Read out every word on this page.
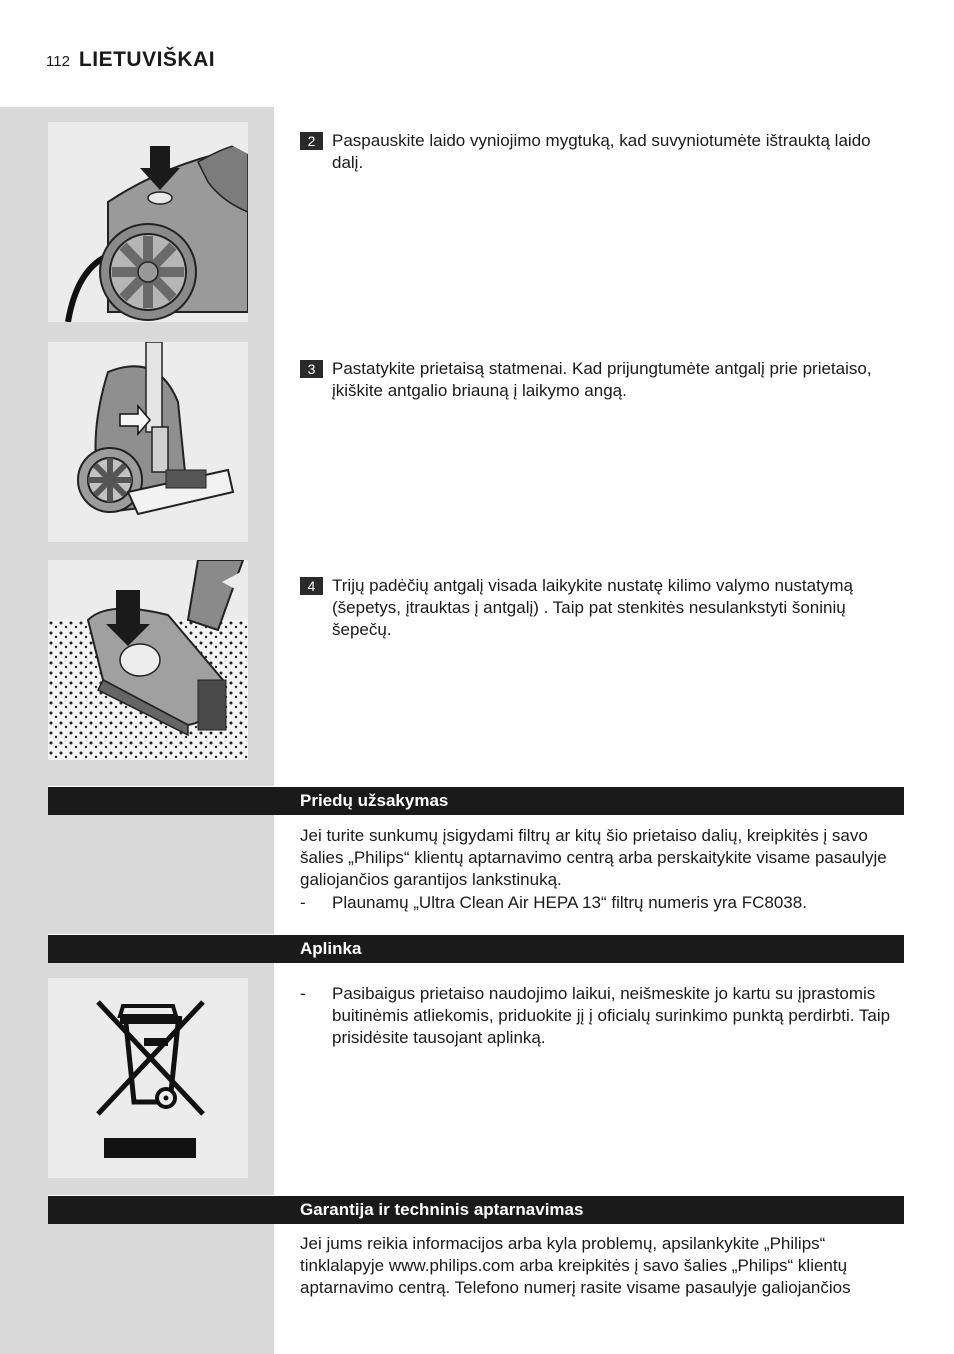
112 LIETUVIŠKAI
2 Paspauskite laido vyniojimo mygtuką, kad suvyniotumėte ištrauktą laido dalį.
3 Pastatykite prietaisą statmenai. Kad prijungtumėte antgalį prie prietaiso, įkiškite antgalio briauną į laikymo angą.
4 Trijų padėčių antgalį visada laikykite nustatę kilimo valymo nustatymą (šepetys, įtrauktas į antgalį) . Taip pat stenkitės nesulankstyti šoninių šepečų.
Priedų užsakymas
Jei turite sunkumų įsigydami filtrų ar kitų šio prietaiso dalių, kreipkitės į savo šalies „Philips“ klientų aptarnavimo centrą arba perskaitykite visame pasaulyje galiojančios garantijos lankstinuką.
- Plaunamų „Ultra Clean Air HEPA 13“ filtrų numeris yra FC8038.
Aplinka
- Pasibaigus prietaiso naudojimo laikui, neišmeskite jo kartu su įprastomis buitinėmis atliekomis, priduokite jį į oficialų surinkimo punktą perdirbti. Taip prisidėsite tausojant aplinką.
Garantija ir techninis aptarnavimas
Jei jums reikia informacijos arba kyla problemų, apsilankykite „Philips“ tinklalapyje www.philips.com arba kreipkitės į savo šalies „Philips“ klientų aptarnavimo centrą. Telefono numerį rasite visame pasaulyje galiojančios
